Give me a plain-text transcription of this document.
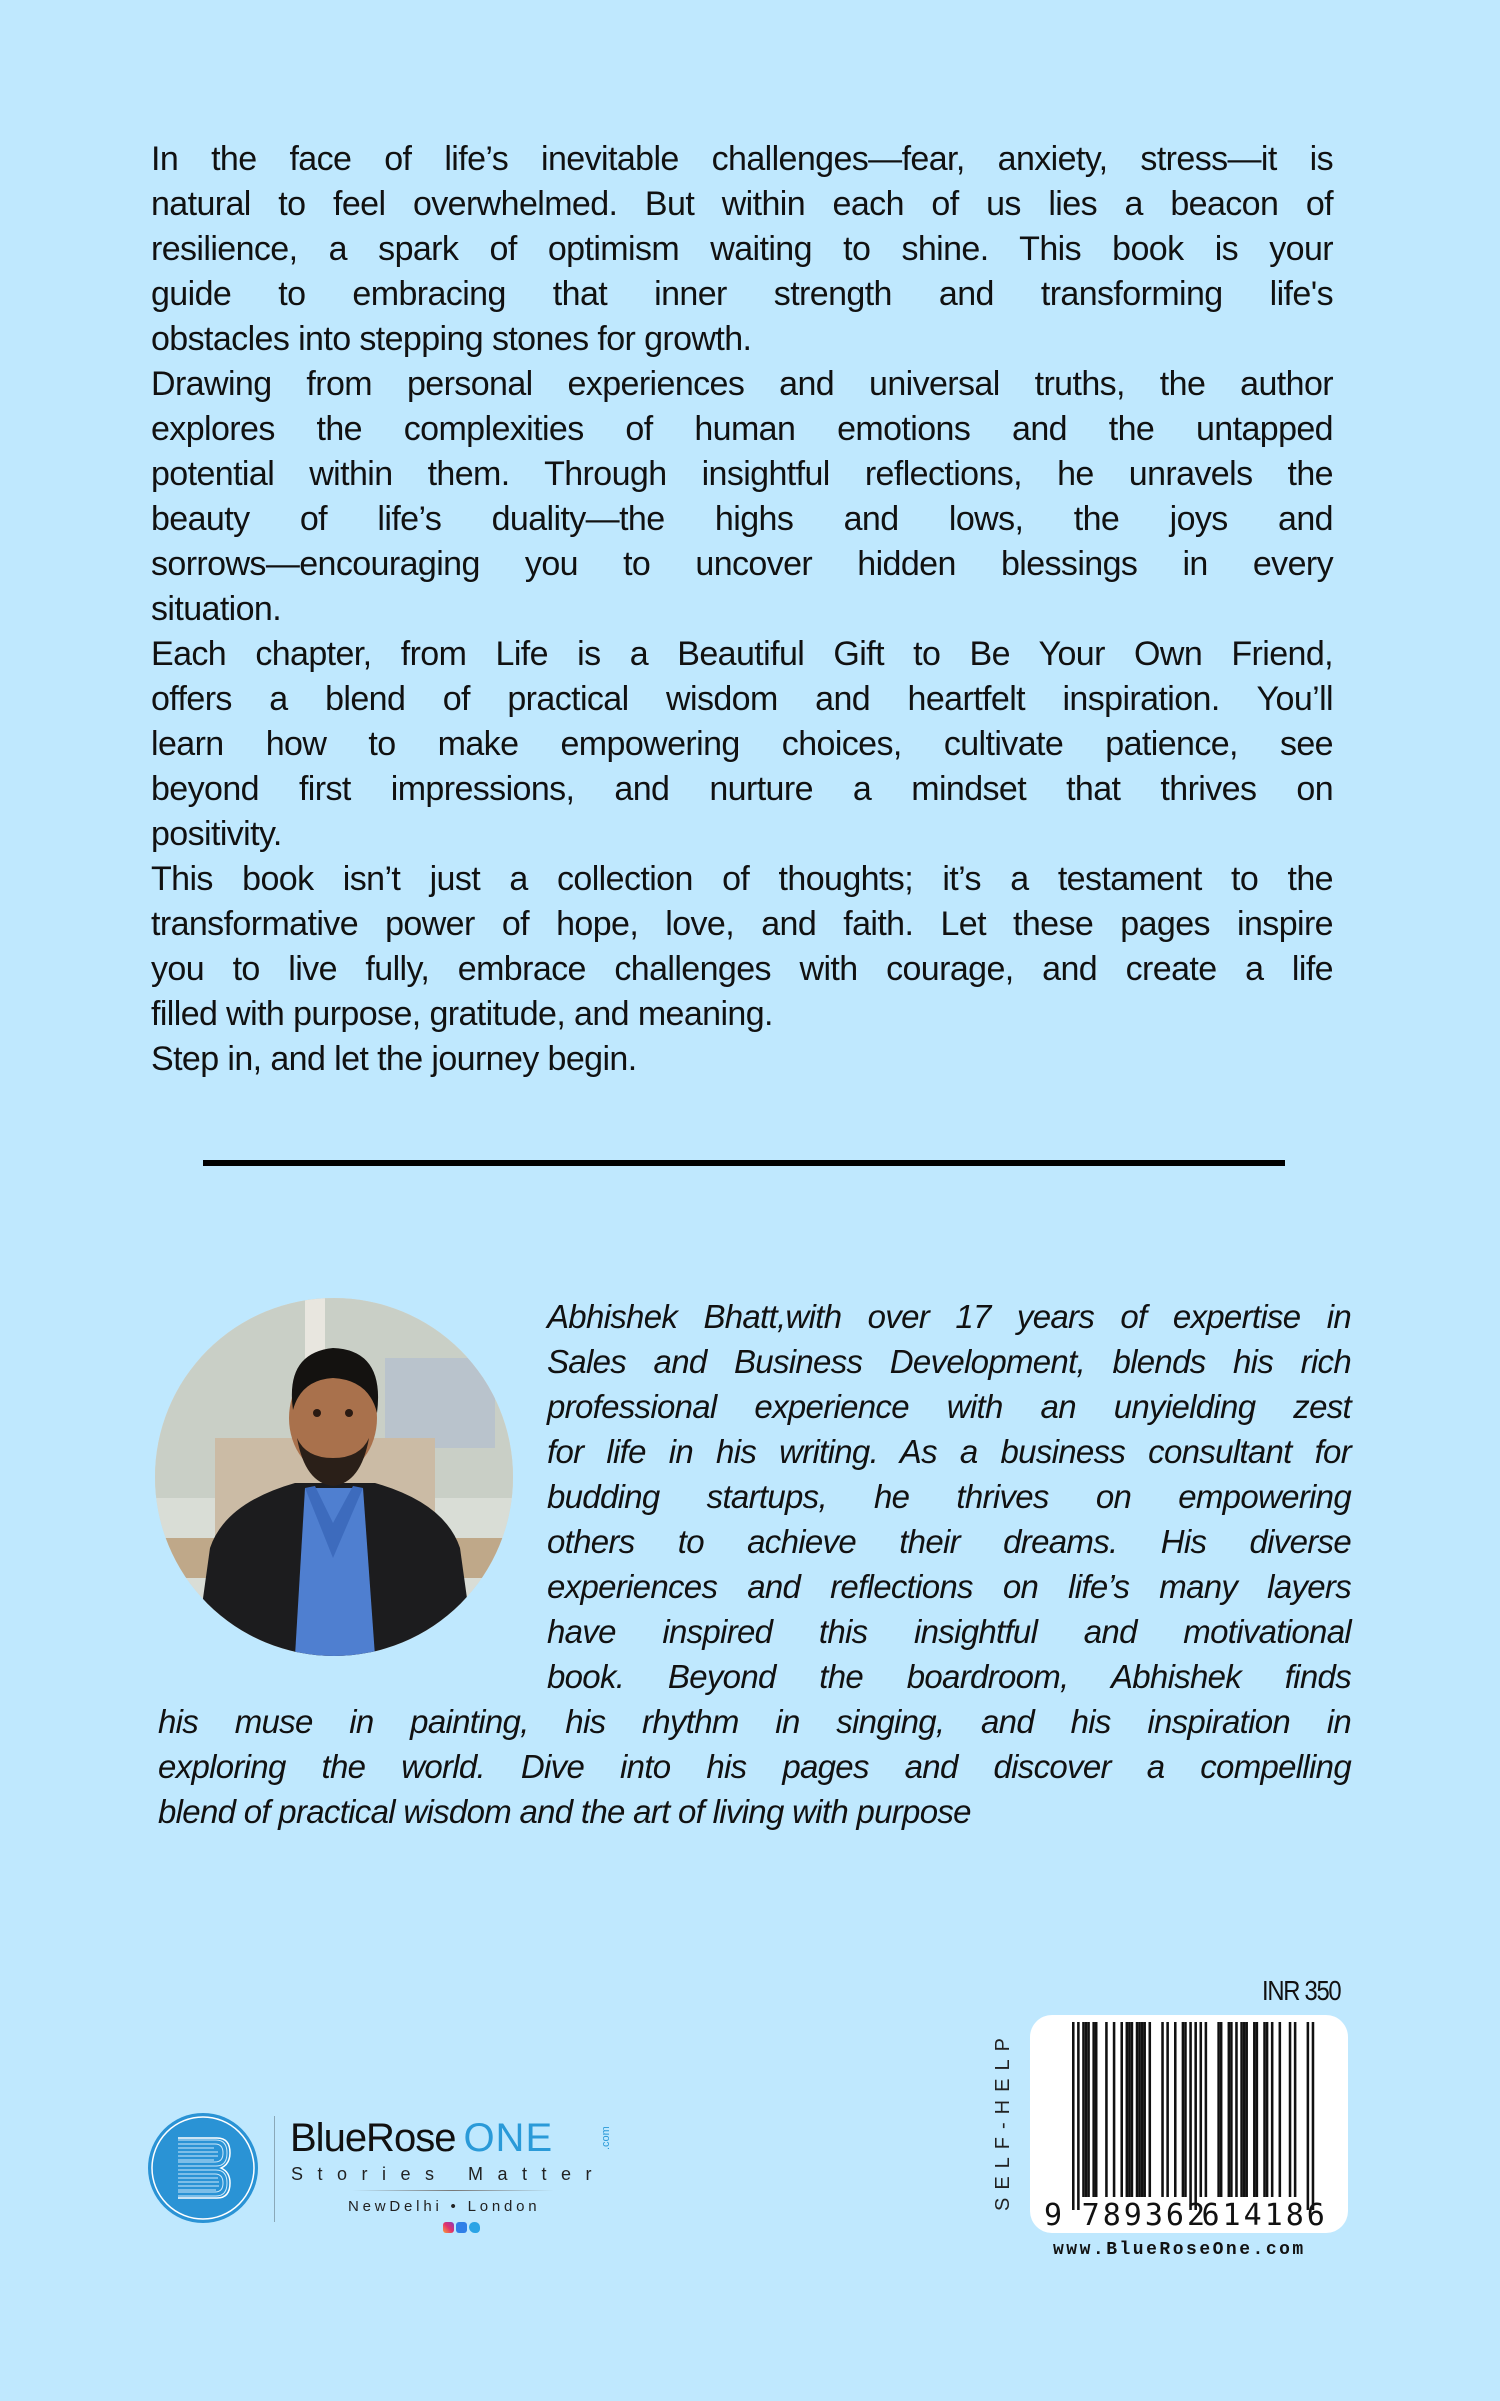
In the face of life’s inevitable challenges—fear, anxiety, stress—it is
natural to feel overwhelmed. But within each of us lies a beacon of
resilience, a spark of optimism waiting to shine. This book is your
guide to embracing that inner strength and transforming life's
obstacles into stepping stones for growth.
Drawing from personal experiences and universal truths, the author
explores the complexities of human emotions and the untapped
potential within them. Through insightful reflections, he unravels the
beauty of life’s duality—the highs and lows, the joys and
sorrows—encouraging you to uncover hidden blessings in every
situation.
Each chapter, from Life is a Beautiful Gift to Be Your Own Friend,
offers a blend of practical wisdom and heartfelt inspiration. You’ll
learn how to make empowering choices, cultivate patience, see
beyond first impressions, and nurture a mindset that thrives on
positivity.
This book isn’t just a collection of thoughts; it’s a testament to the
transformative power of hope, love, and faith. Let these pages inspire
you to live fully, embrace challenges with courage, and create a life
filled with purpose, gratitude, and meaning.
Step in, and let the journey begin.
Abhishek Bhatt,with over 17 years of expertise in
Sales and Business Development, blends his rich
professional experience with an unyielding zest
for life in his writing. As a business consultant for
budding startups, he thrives on empowering
others to achieve their dreams. His diverse
experiences and reflections on life’s many layers
have inspired this insightful and motivational
book. Beyond the boardroom, Abhishek finds
his muse in painting, his rhythm in singing, and his inspiration in
exploring the world. Dive into his pages and discover a compelling
blend of practical wisdom and the art of living with purpose
BlueRose ONE	.com
Stories Matter
NewDelhi • London
INR 350
SELF-HELP
9 789362
614186
www.BlueRoseOne.com
